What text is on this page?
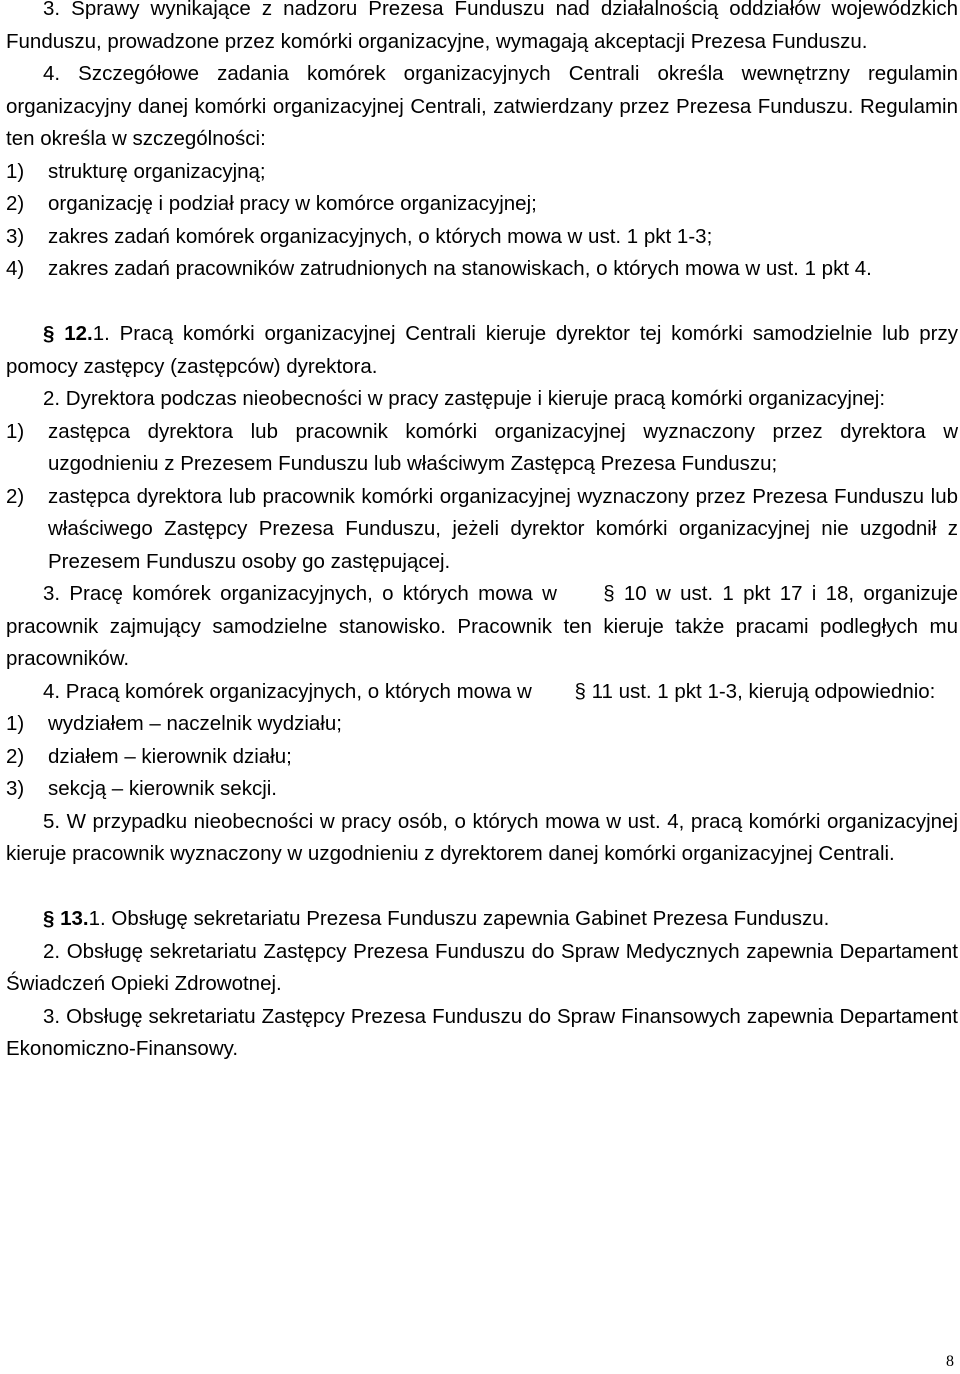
3. Sprawy wynikające z nadzoru Prezesa Funduszu nad działalnością oddziałów wojewódzkich Funduszu, prowadzone przez komórki organizacyjne, wymagają akceptacji Prezesa Funduszu.

4. Szczegółowe zadania komórek organizacyjnych Centrali określa wewnętrzny regulamin organizacyjny danej komórki organizacyjnej Centrali, zatwierdzany przez Prezesa Funduszu. Regulamin ten określa w szczególności:

1) strukturę organizacyjną;
2) organizację i podział pracy w komórce organizacyjnej;
3) zakres zadań komórek organizacyjnych, o których mowa w ust. 1 pkt 1-3;
4) zakres zadań pracowników zatrudnionych na stanowiskach, o których mowa w ust. 1 pkt 4.

§ 12.1. Pracą komórki organizacyjnej Centrali kieruje dyrektor tej komórki samodzielnie lub przy pomocy zastępcy (zastępców) dyrektora.

2. Dyrektora podczas nieobecności w pracy zastępuje i kieruje pracą komórki organizacyjnej:

1) zastępca dyrektora lub pracownik komórki organizacyjnej wyznaczony przez dyrektora w uzgodnieniu z Prezesem Funduszu lub właściwym Zastępcą Prezesa Funduszu;
2) zastępca dyrektora lub pracownik komórki organizacyjnej wyznaczony przez Prezesa Funduszu lub właściwego Zastępcy Prezesa Funduszu, jeżeli dyrektor komórki organizacyjnej nie uzgodnił z Prezesem Funduszu osoby go zastępującej.

3. Pracę komórek organizacyjnych, o których mowa w § 10 w ust. 1 pkt 17 i 18, organizuje pracownik zajmujący samodzielne stanowisko. Pracownik ten kieruje także pracami podległych mu pracowników.

4. Pracą komórek organizacyjnych, o których mowa w § 11 ust. 1 pkt 1-3, kierują odpowiednio:

1) wydziałem – naczelnik wydziału;
2) działem – kierownik działu;
3) sekcją – kierownik sekcji.

5. W przypadku nieobecności w pracy osób, o których mowa w ust. 4, pracą komórki organizacyjnej kieruje pracownik wyznaczony w uzgodnieniu z dyrektorem danej komórki organizacyjnej Centrali.

§ 13.1. Obsługę sekretariatu Prezesa Funduszu zapewnia Gabinet Prezesa Funduszu.

2. Obsługę sekretariatu Zastępcy Prezesa Funduszu do Spraw Medycznych zapewnia Departament Świadczeń Opieki Zdrowotnej.

3. Obsługę sekretariatu Zastępcy Prezesa Funduszu do Spraw Finansowych zapewnia Departament Ekonomiczno-Finansowy.

8
